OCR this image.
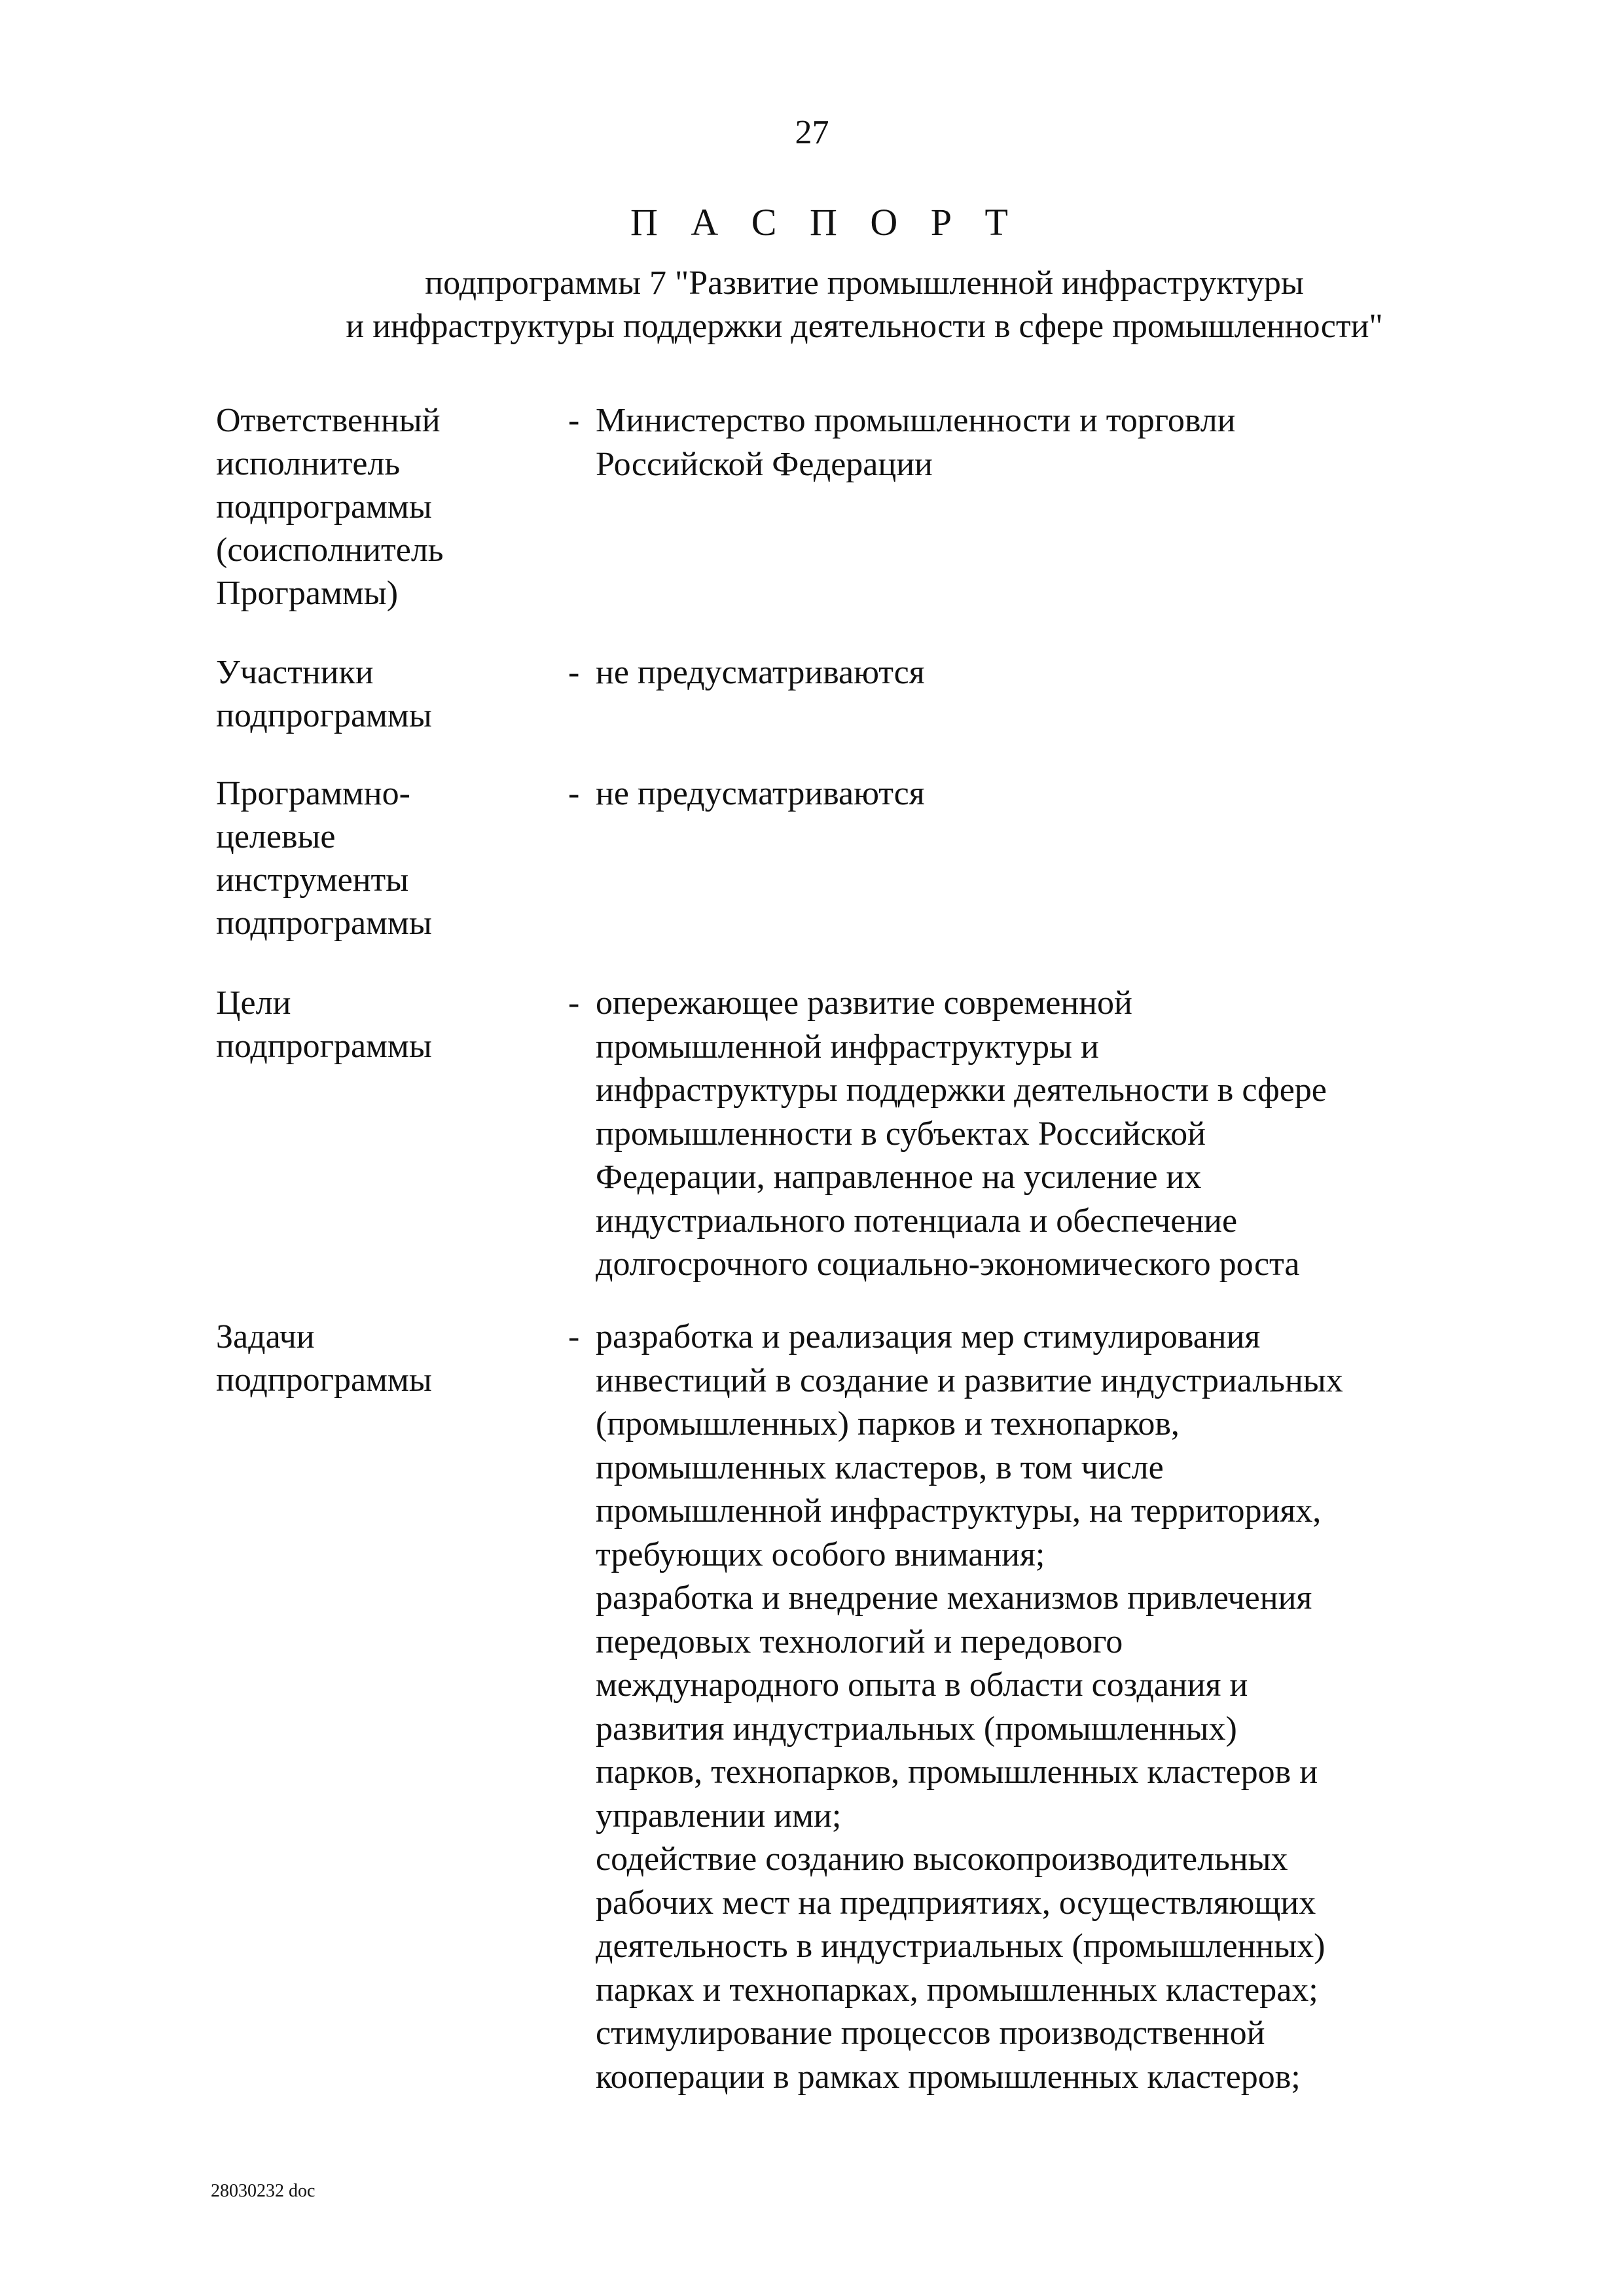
27
П А С П О Р Т
подпрограммы 7 "Развитие промышленной инфраструктуры
и инфраструктуры поддержки деятельности в сфере промышленности"
Ответственный
исполнитель
подпрограммы
(соисполнитель
Программы)
- Министерство промышленности и торговли
Российской Федерации
Участники
подпрограммы
- не предусматриваются
Программно-
целевые
инструменты
подпрограммы
- не предусматриваются
Цели
подпрограммы
- опережающее развитие современной
промышленной инфраструктуры и
инфраструктуры поддержки деятельности в сфере
промышленности в субъектах Российской
Федерации, направленное на усиление их
индустриального потенциала и обеспечение
долгосрочного социально-экономического роста
Задачи
подпрограммы
- разработка и реализация мер стимулирования
инвестиций в создание и развитие индустриальных
(промышленных) парков и технопарков,
промышленных кластеров, в том числе
промышленной инфраструктуры, на территориях,
требующих особого внимания;
разработка и внедрение механизмов привлечения
передовых технологий и передового
международного опыта в области создания и
развития индустриальных (промышленных)
парков, технопарков, промышленных кластеров и
управлении ими;
содействие созданию высокопроизводительных
рабочих мест на предприятиях, осуществляющих
деятельность в индустриальных (промышленных)
парках и технопарках, промышленных кластерах;
стимулирование процессов производственной
кооперации в рамках промышленных кластеров;
28030232 doc
